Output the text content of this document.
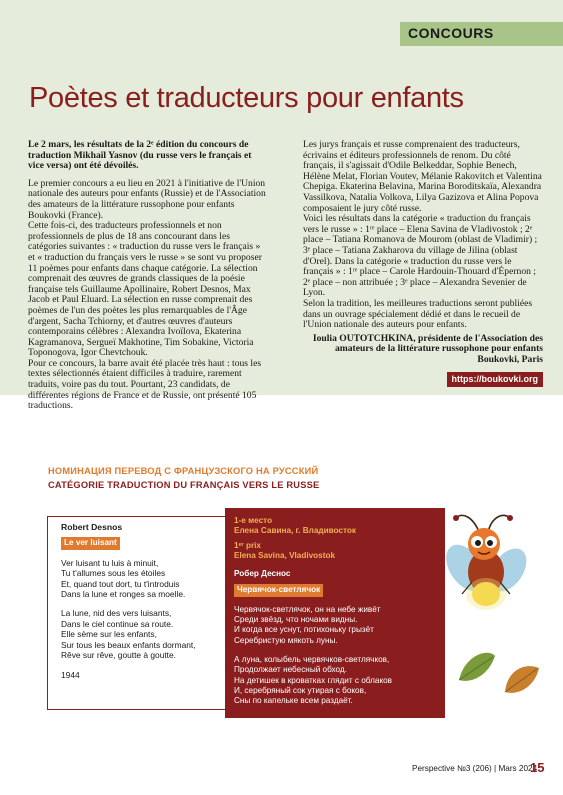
CONCOURS
Poètes et traducteurs pour enfants

Le 2 mars, les résultats de la 2ᵉ édition du concours de traduction Mikhaïl Yasnov (du russe vers le français et vice versa) ont été dévoilés.

Le premier concours a eu lieu en 2021 à l'initiative de l'Union nationale des auteurs pour enfants (Russie) et de l'Association des amateurs de la littérature russophone pour enfants Boukovki (France).

Cette fois-ci, des traducteurs professionnels et non professionnels de plus de 18 ans concourant dans les catégories suivantes : « traduction du russe vers le français » et « traduction du français vers le russe » se sont vu proposer 11 poèmes pour enfants dans chaque catégorie. La sélection comprenait des œuvres de grands classiques de la poésie française tels Guillaume Apollinaire, Robert Desnos, Max Jacob et Paul Eluard. La sélection en russe comprenait des poèmes de l'un des poètes les plus remarquables de l'Âge d'argent, Sacha Tchiorny, et d'autres œuvres d'auteurs contemporains célèbres : Alexandra Ivoïlova, Ekaterina Kagramanova, Sergueï Makhotine, Tim Sobakine, Victoria Toponogova, Igor Chevtchouk.

Pour ce concours, la barre avait été placée très haut : tous les textes sélectionnés étaient difficiles à traduire, rarement traduits, voire pas du tout. Pourtant, 23 candidats, de différentes régions de France et de Russie, ont présenté 105 traductions.

Les jurys français et russe comprenaient des traducteurs, écrivains et éditeurs professionnels de renom. Du côté français, il s'agissait d'Odile Belkeddar, Sophie Benech, Hélène Melat, Florian Voutev, Mélanie Rakovitch et Valentina Chepiga. Ekaterina Belavina, Marina Boroditskaïa, Alexandra Vassilkova, Natalia Volkova, Lilya Gazizova et Alina Popova composaient le jury côté russe.

Voici les résultats dans la catégorie « traduction du français vers le russe » : 1ʳᵉ place – Elena Savina de Vladivostok ; 2ᵉ place – Tatiana Romanova de Mourom (oblast de Vladimir) ; 3ᵉ place – Tatiana Zakharova du village de Jilina (oblast d'Orel). Dans la catégorie « traduction du russe vers le français » : 1ʳᵉ place – Carole Hardouin-Thouard d'Épernon ; 2ᵉ place – non attribuée ; 3ᵉ place – Alexandra Sevenier de Lyon.

Selon la tradition, les meilleures traductions seront publiées dans un ouvrage spécialement dédié et dans le recueil de l'Union nationale des auteurs pour enfants.

Ioulia OUTOTCHKINA, présidente de l'Association des amateurs de la littérature russophone pour enfants Boukovki, Paris

https://boukovki.org
НОМИНАЦИЯ ПЕРЕВОД С ФРАНЦУЗСКОГО НА РУССКИЙ
CATÉGORIE TRADUCTION DU FRANÇAIS VERS LE RUSSE
Robert Desnos
Le ver luisant
Ver luisant tu luis à minuit,
Tu t'allumes sous les étoiles
Et, quand tout dort, tu t'introduis
Dans la lune et ronges sa moelle.
La lune, nid des vers luisants,
Dans le ciel continue sa route.
Elle sème sur les enfants,
Sur tous les beaux enfants dormant,
Rêve sur rêve, goutte à goutte.
1944
1-е место
Елена Савина, г. Владивосток
1ᵉʳ prix
Elena Savina, Vladivostok
Робер Деснос
Червячок-светлячок
Червячок-светлячок, он на небе живёт
Среди звёзд, что ночами видны.
И когда все уснут, потихоньку грызёт
Серебристую мякоть луны.
А луна, колыбель червячков-светлячков,
Продолжает небесный обход.
На детишек в кроватках глядит с облаков
И, серебряный сок утирая с боков,
Сны по капельке всем раздаёт.
Perspective №3 (206) | Mars 2024
15
